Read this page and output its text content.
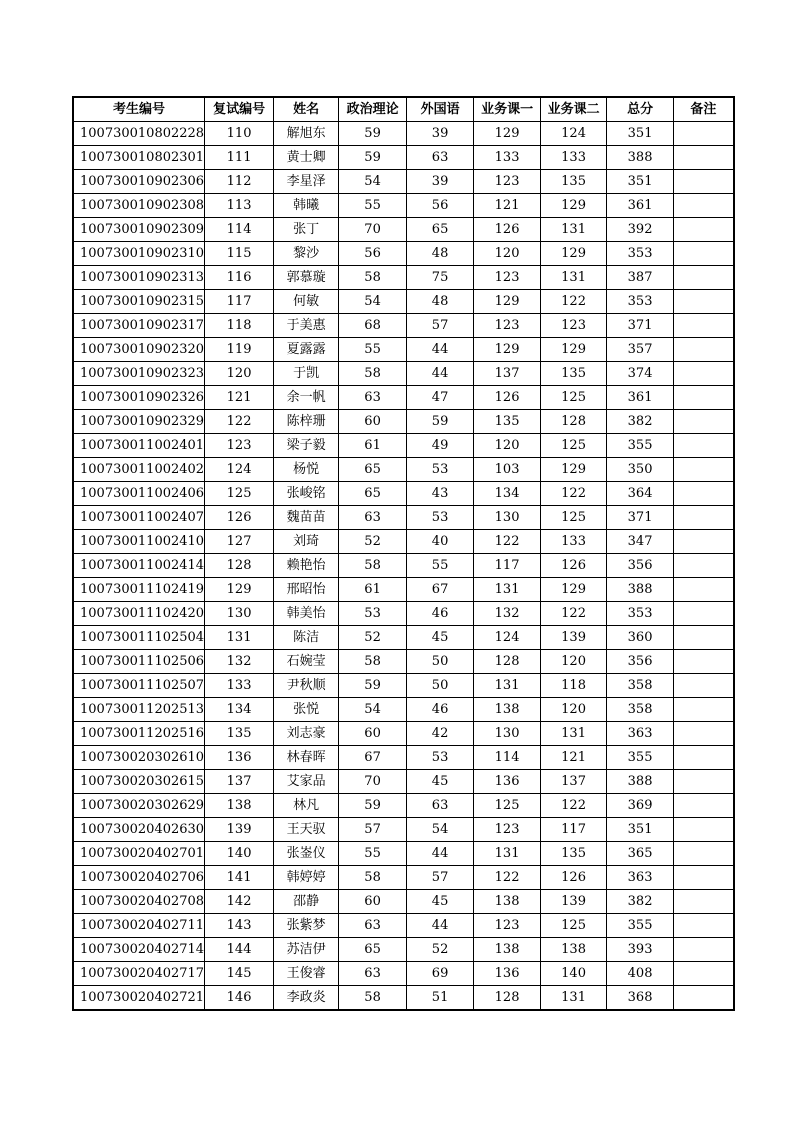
考生编号	复试编号	姓名	政治理论	外国语	业务课一	业务课二	总分	备注
100730010802228	110	解旭东	59	39	129	124	351	
100730010802301	111	黄士卿	59	63	133	133	388	
100730010902306	112	李星泽	54	39	123	135	351	
100730010902308	113	韩曦	55	56	121	129	361	
100730010902309	114	张丁	70	65	126	131	392	
100730010902310	115	黎沙	56	48	120	129	353	
100730010902313	116	郭慕璇	58	75	123	131	387	
100730010902315	117	何敏	54	48	129	122	353	
100730010902317	118	于美惠	68	57	123	123	371	
100730010902320	119	夏露露	55	44	129	129	357	
100730010902323	120	于凯	58	44	137	135	374	
100730010902326	121	余一帆	63	47	126	125	361	
100730010902329	122	陈梓珊	60	59	135	128	382	
100730011002401	123	梁子毅	61	49	120	125	355	
100730011002402	124	杨悦	65	53	103	129	350	
100730011002406	125	张峻铭	65	43	134	122	364	
100730011002407	126	魏苗苗	63	53	130	125	371	
100730011002410	127	刘琦	52	40	122	133	347	
100730011002414	128	赖艳怡	58	55	117	126	356	
100730011102419	129	邢昭怡	61	67	131	129	388	
100730011102420	130	韩美怡	53	46	132	122	353	
100730011102504	131	陈洁	52	45	124	139	360	
100730011102506	132	石婉莹	58	50	128	120	356	
100730011102507	133	尹秋顺	59	50	131	118	358	
100730011202513	134	张悦	54	46	138	120	358	
100730011202516	135	刘志豪	60	42	130	131	363	
100730020302610	136	林春晖	67	53	114	121	355	
100730020302615	137	艾家品	70	45	136	137	388	
100730020302629	138	林凡	59	63	125	122	369	
100730020402630	139	王天驭	57	54	123	117	351	
100730020402701	140	张崟仪	55	44	131	135	365	
100730020402706	141	韩婷婷	58	57	122	126	363	
100730020402708	142	邵静	60	45	138	139	382	
100730020402711	143	张紫梦	63	44	123	125	355	
100730020402714	144	苏洁伊	65	52	138	138	393	
100730020402717	145	王俊睿	63	69	136	140	408	
100730020402721	146	李政炎	58	51	128	131	368	
